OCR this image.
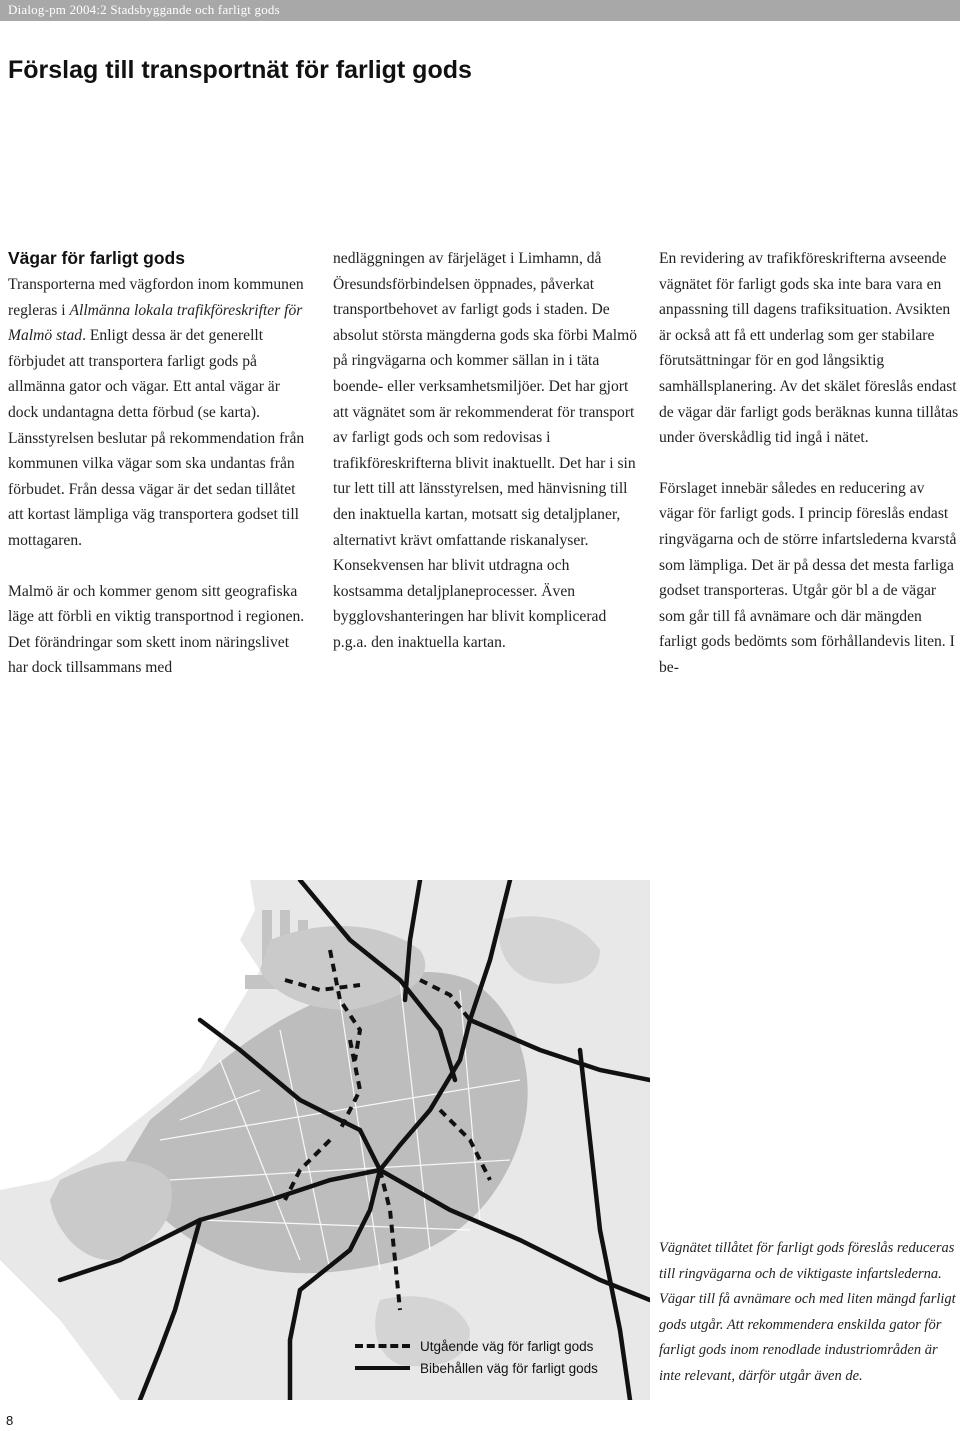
Dialog-pm 2004:2 Stadsbyggande och farligt gods
Förslag till transportnät för farligt gods
Vägar för farligt gods

Transporterna med vägfordon inom kommunen regleras i Allmänna lokala trafikföreskrifter för Malmö stad. Enligt dessa är det generellt förbjudet att transportera farligt gods på allmänna gator och vägar. Ett antal vägar är dock undantagna detta förbud (se karta). Länsstyrelsen beslutar på rekommendation från kommunen vilka vägar som ska undantas från förbudet. Från dessa vägar är det sedan tillåtet att kortast lämpliga väg transportera godset till mottagaren.

Malmö är och kommer genom sitt geografiska läge att förbli en viktig transportnod i regionen. Det förändringar som skett inom näringslivet har dock tillsammans med

nedläggningen av färjeläget i Limhamn, då Öresundsförbindelsen öppnades, påverkat transportbehovet av farligt gods i staden. De absolut största mängderna gods ska förbi Malmö på ringvägarna och kommer sällan in i täta boende- eller verksamhetsmiljöer. Det har gjort att vägnätet som är rekommenderat för transport av farligt gods och som redovisas i trafikföreskrifterna blivit inaktuellt. Det har i sin tur lett till att länsstyrelsen, med hänvisning till den inaktuella kartan, motsatt sig detaljplaner, alternativt krävt omfattande riskanalyser. Konsekvensen har blivit utdragna och kostsamma detaljplaneprocesser. Även bygglovshanteringen har blivit komplicerad p.g.a. den inaktuella kartan.

En revidering av trafikföreskrifterna avseende vägnätet för farligt gods ska inte bara vara en anpassning till dagens trafiksituation. Avsikten är också att få ett underlag som ger stabilare förutsättningar för en god långsiktig samhällsplanering. Av det skälet föreslås endast de vägar där farligt gods beräknas kunna tillåtas under överskådlig tid ingå i nätet.

Förslaget innebär således en reducering av vägar för farligt gods. I princip föreslås endast ringvägarna och de större infartslederna kvarstå som lämpliga. Det är på dessa det mesta farliga godset transporteras. Utgår gör bl a de vägar som går till få avnämare och där mängden farligt gods bedömts som förhållandevis liten. I be-

Utgående väg för farligt gods
Bibehållen väg för farligt gods
Vägnätet tillåtet för farligt gods föreslås reduceras till ringvägarna och de viktigaste infartslederna. Vägar till få avnämare och med liten mängd farligt gods utgår. Att rekommendera enskilda gator för farligt gods inom renodlade industriområden är inte relevant, därför utgår även de.
8
